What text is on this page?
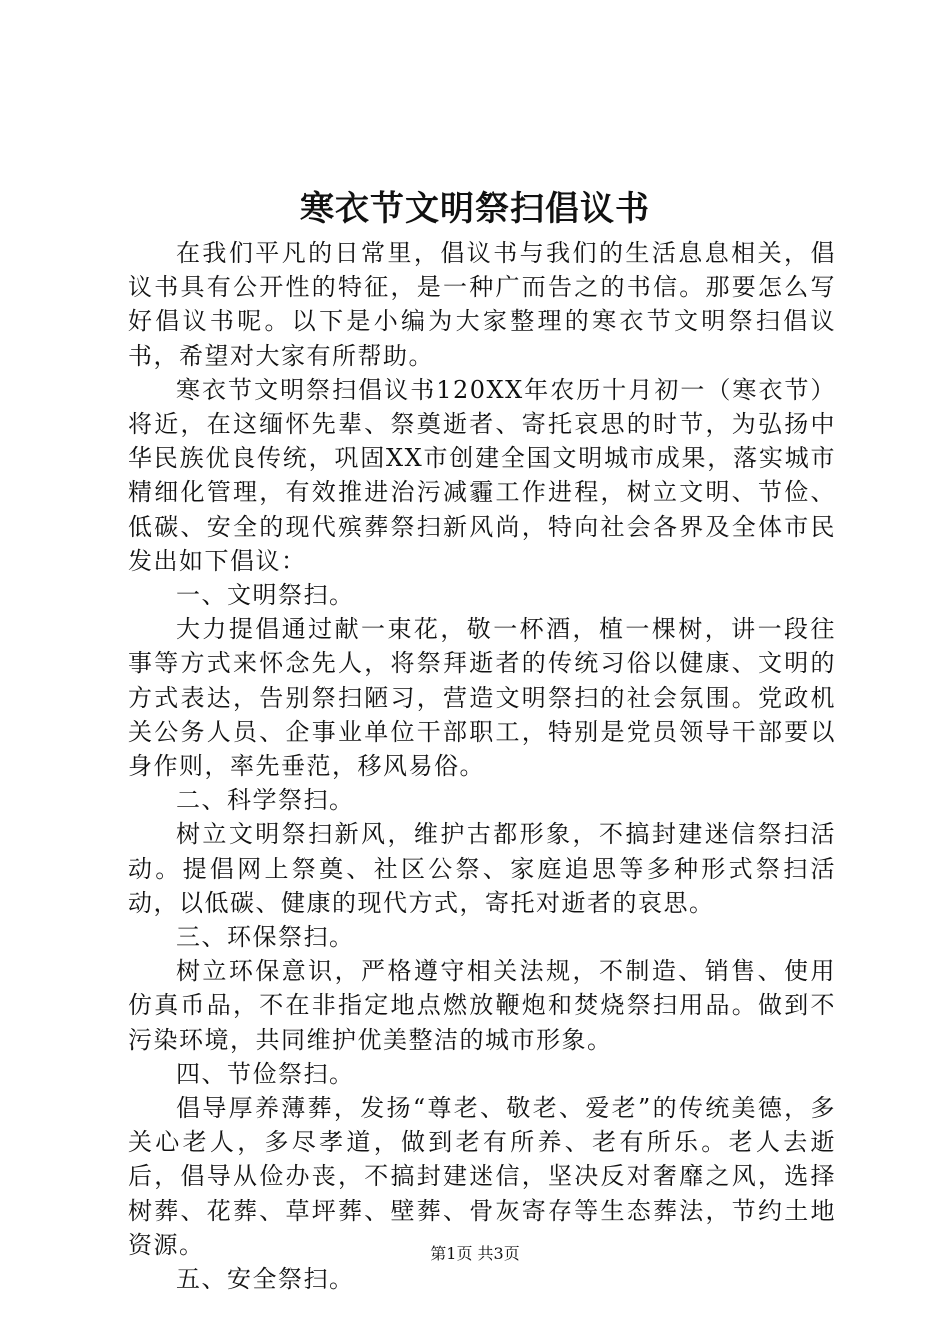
寒衣节文明祭扫倡议书

在我们平凡的日常里，倡议书与我们的生活息息相关，倡议书具有公开性的特征，是一种广而告之的书信。那要怎么写好倡议书呢。以下是小编为大家整理的寒衣节文明祭扫倡议书，希望对大家有所帮助。

寒衣节文明祭扫倡议书120XX年农历十月初一（寒衣节）将近，在这缅怀先辈、祭奠逝者、寄托哀思的时节，为弘扬中华民族优良传统，巩固XX市创建全国文明城市成果，落实城市精细化管理，有效推进治污减霾工作进程，树立文明、节俭、低碳、安全的现代殡葬祭扫新风尚，特向社会各界及全体市民发出如下倡议：

一、文明祭扫。

大力提倡通过献一束花，敬一杯酒，植一棵树，讲一段往事等方式来怀念先人，将祭拜逝者的传统习俗以健康、文明的方式表达，告别祭扫陋习，营造文明祭扫的社会氛围。党政机关公务人员、企事业单位干部职工，特别是党员领导干部要以身作则，率先垂范，移风易俗。

二、科学祭扫。

树立文明祭扫新风，维护古都形象，不搞封建迷信祭扫活动。提倡网上祭奠、社区公祭、家庭追思等多种形式祭扫活动，以低碳、健康的现代方式，寄托对逝者的哀思。

三、环保祭扫。

树立环保意识，严格遵守相关法规，不制造、销售、使用仿真币品，不在非指定地点燃放鞭炮和焚烧祭扫用品。做到不污染环境，共同维护优美整洁的城市形象。

四、节俭祭扫。

倡导厚养薄葬，发扬“尊老、敬老、爱老”的传统美德，多关心老人，多尽孝道，做到老有所养、老有所乐。老人去逝后，倡导从俭办丧，不搞封建迷信，坚决反对奢靡之风，选择树葬、花葬、草坪葬、壁葬、骨灰寄存等生态葬法，节约土地资源。

五、安全祭扫。

第1页 共3页
